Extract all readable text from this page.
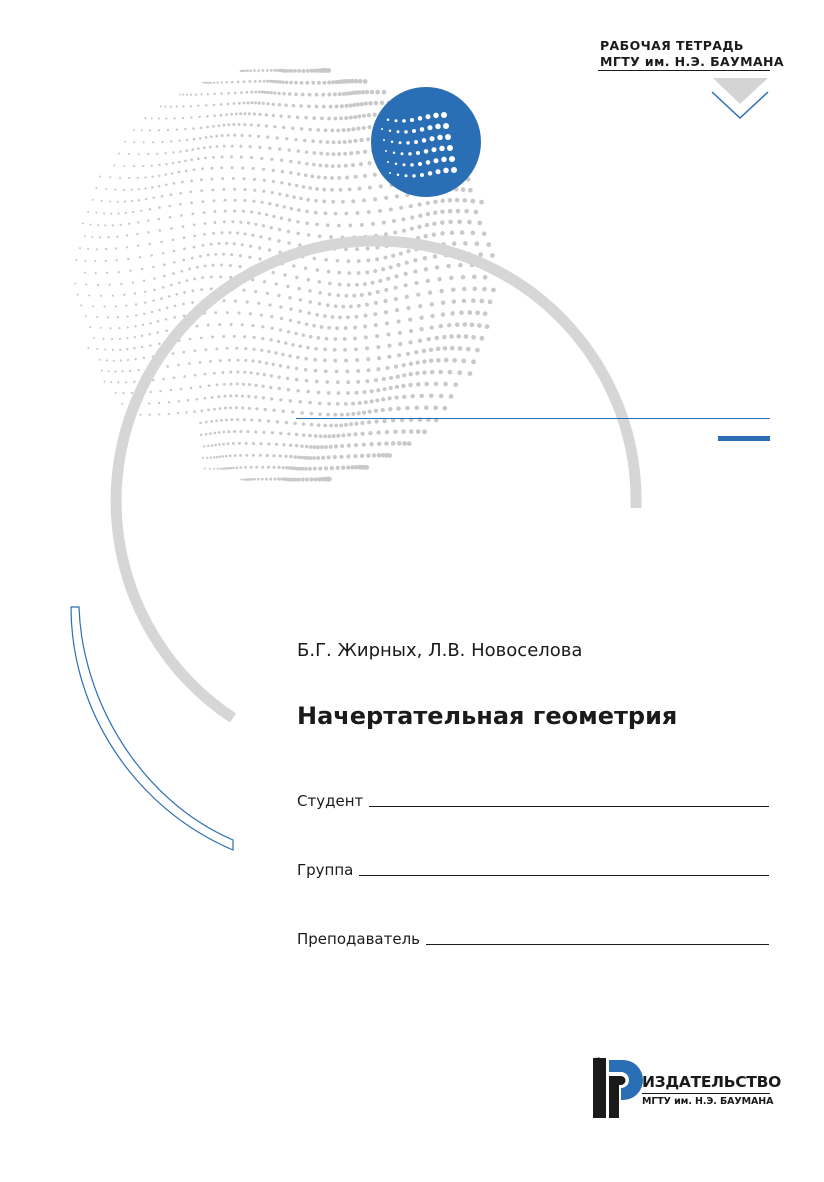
РАБОЧАЯ ТЕТРАДЬ
МГТУ им. Н.Э. БАУМАНА
Б.Г. Жирных, Л.В. Новоселова
Начертательная геометрия
Студент
Группа
Преподаватель
BAUMANPRESS	ИЗДАТЕЛЬСТВО
МГТУ им. Н.Э. БАУМАНА
